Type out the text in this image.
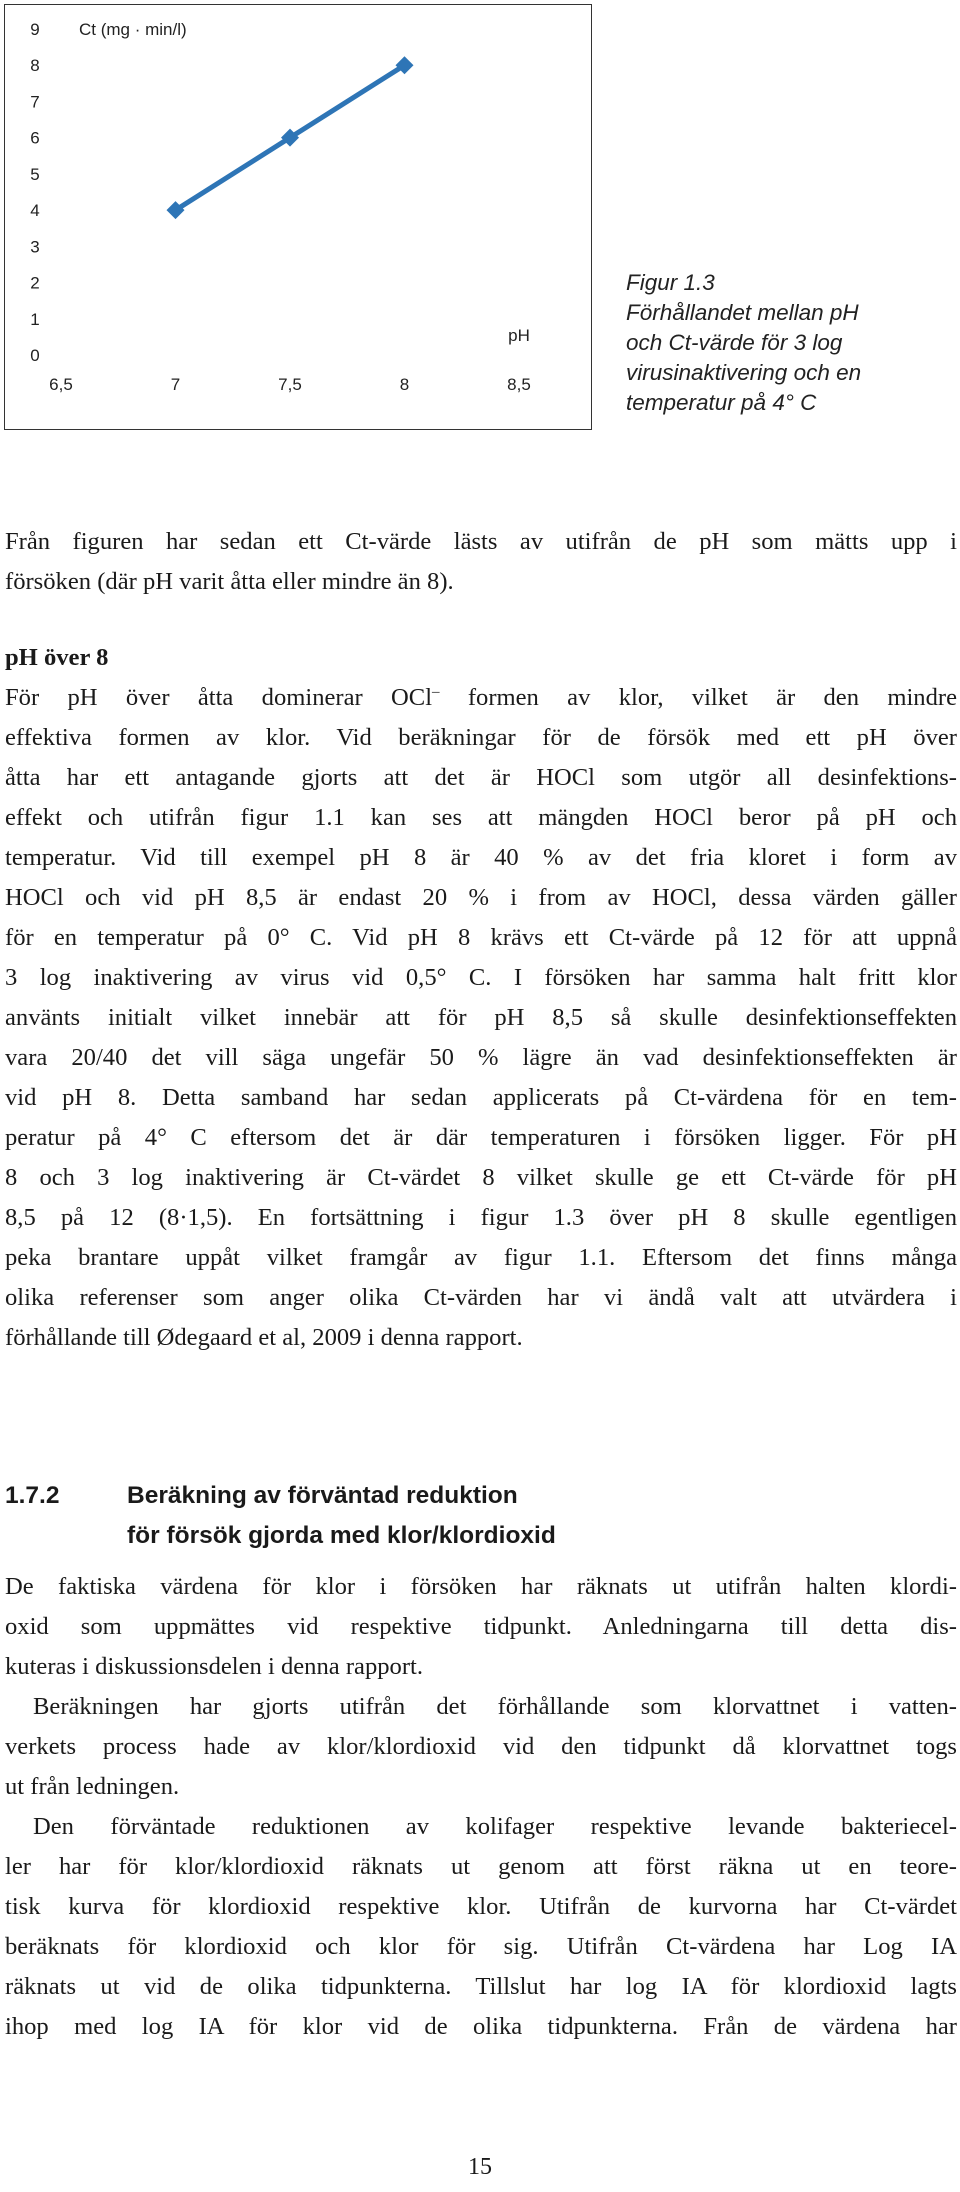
0
1
2
3
4
5
6
7
8
9
6,5	7	7,5	8	8,5
Ct (mg · min/l)
pH
Figur 1.3
Förhållandet mellan pH
och Ct-värde för 3 log
virusinaktivering och en
temperatur på 4° C
Från figuren har sedan ett Ct-värde lästs av utifrån de pH som mätts upp i
försöken (där pH varit åtta eller mindre än 8).
pH över 8
För pH över åtta dominerar OCl– formen av klor, vilket är den mindre
effektiva formen av klor. Vid beräkningar för de försök med ett pH över
åtta har ett antagande gjorts att det är HOCl som utgör all desinfektions-
effekt och utifrån figur 1.1 kan ses att mängden HOCl beror på pH och
temperatur. Vid till exempel pH 8 är 40 % av det fria kloret i form av
HOCl och vid pH 8,5 är endast 20 % i from av HOCl, dessa värden gäller
för en temperatur på 0° C. Vid pH 8 krävs ett Ct-värde på 12 för att uppnå
3 log inaktivering av virus vid 0,5° C. I försöken har samma halt fritt klor
använts initialt vilket innebär att för pH 8,5 så skulle desinfektionseffekten
vara 20/40 det vill säga ungefär 50 % lägre än vad desinfektionseffekten är
vid pH 8. Detta samband har sedan applicerats på Ct-värdena för en tem-
peratur på 4° C eftersom det är där temperaturen i försöken ligger. För pH
8 och 3 log inaktivering är Ct-värdet 8 vilket skulle ge ett Ct-värde för pH
8,5 på 12 (8·1,5). En fortsättning i figur 1.3 över pH 8 skulle egentligen
peka brantare uppåt vilket framgår av figur 1.1. Eftersom det finns många
olika referenser som anger olika Ct-värden har vi ändå valt att utvärdera i
förhållande till Ødegaard et al, 2009 i denna rapport.
1.7.2	Beräkning av förväntad reduktion
för försök gjorda med klor/klordioxid
De faktiska värdena för klor i försöken har räknats ut utifrån halten klordi-
oxid som uppmättes vid respektive tidpunkt. Anledningarna till detta dis-
kuteras i diskussionsdelen i denna rapport.
Beräkningen har gjorts utifrån det förhållande som klorvattnet i vatten-
verkets process hade av klor/klordioxid vid den tidpunkt då klorvattnet togs
ut från ledningen.
Den förväntade reduktionen av kolifager respektive levande bakteriecel-
ler har för klor/klordioxid räknats ut genom att först räkna ut en teore-
tisk kurva för klordioxid respektive klor. Utifrån de kurvorna har Ct-värdet
beräknats för klordioxid och klor för sig. Utifrån Ct-värdena har Log IA
räknats ut vid de olika tidpunkterna. Tillslut har log IA för klordioxid lagts
ihop med log IA för klor vid de olika tidpunkterna. Från de värdena har
15
